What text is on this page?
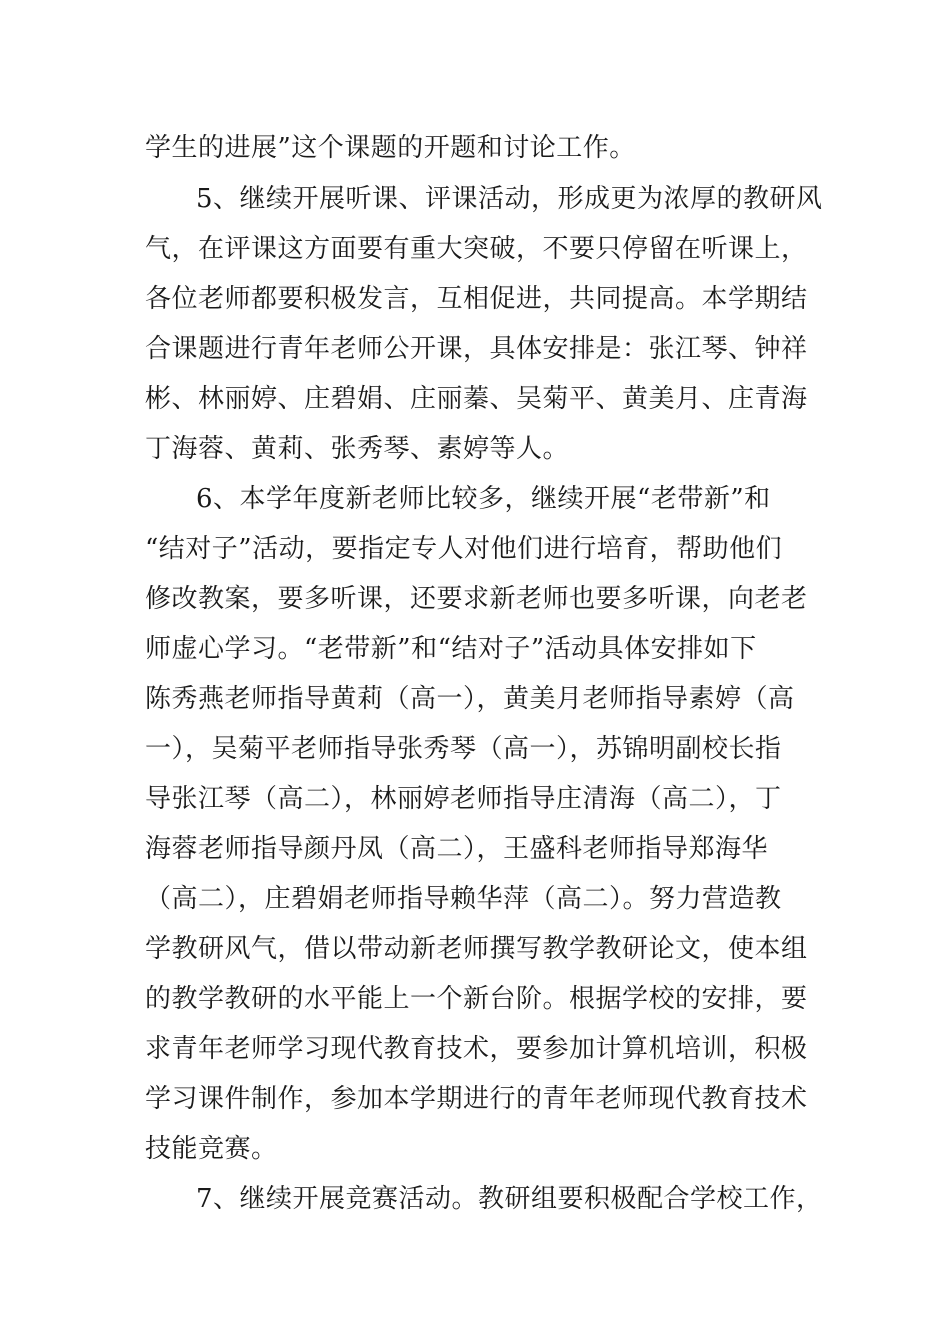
学生的进展”这个课题的开题和讨论工作。
5、继续开展听课、评课活动，形成更为浓厚的教研风
气，在评课这方面要有重大突破，不要只停留在听课上，
各位老师都要积极发言，互相促进，共同提高。本学期结
合课题进行青年老师公开课，具体安排是：张江琴、钟祥
彬、林丽婷、庄碧娟、庄丽蓁、吴菊平、黄美月、庄青海
丁海蓉、黄莉、张秀琴、素婷等人。
6、本学年度新老师比较多，继续开展“老带新”和
“结对子”活动，要指定专人对他们进行培育，帮助他们
修改教案，要多听课，还要求新老师也要多听课，向老老
师虚心学习。“老带新”和“结对子”活动具体安排如下
陈秀燕老师指导黄莉（高一），黄美月老师指导素婷（高
一），吴菊平老师指导张秀琴（高一），苏锦明副校长指
导张江琴（高二），林丽婷老师指导庄清海（高二），丁
海蓉老师指导颜丹凤（高二），王盛科老师指导郑海华
（高二），庄碧娟老师指导赖华萍（高二）。努力营造教
学教研风气，借以带动新老师撰写教学教研论文，使本组
的教学教研的水平能上一个新台阶。根据学校的安排，要
求青年老师学习现代教育技术，要参加计算机培训，积极
学习课件制作，参加本学期进行的青年老师现代教育技术
技能竞赛。
7、继续开展竞赛活动。教研组要积极配合学校工作，
